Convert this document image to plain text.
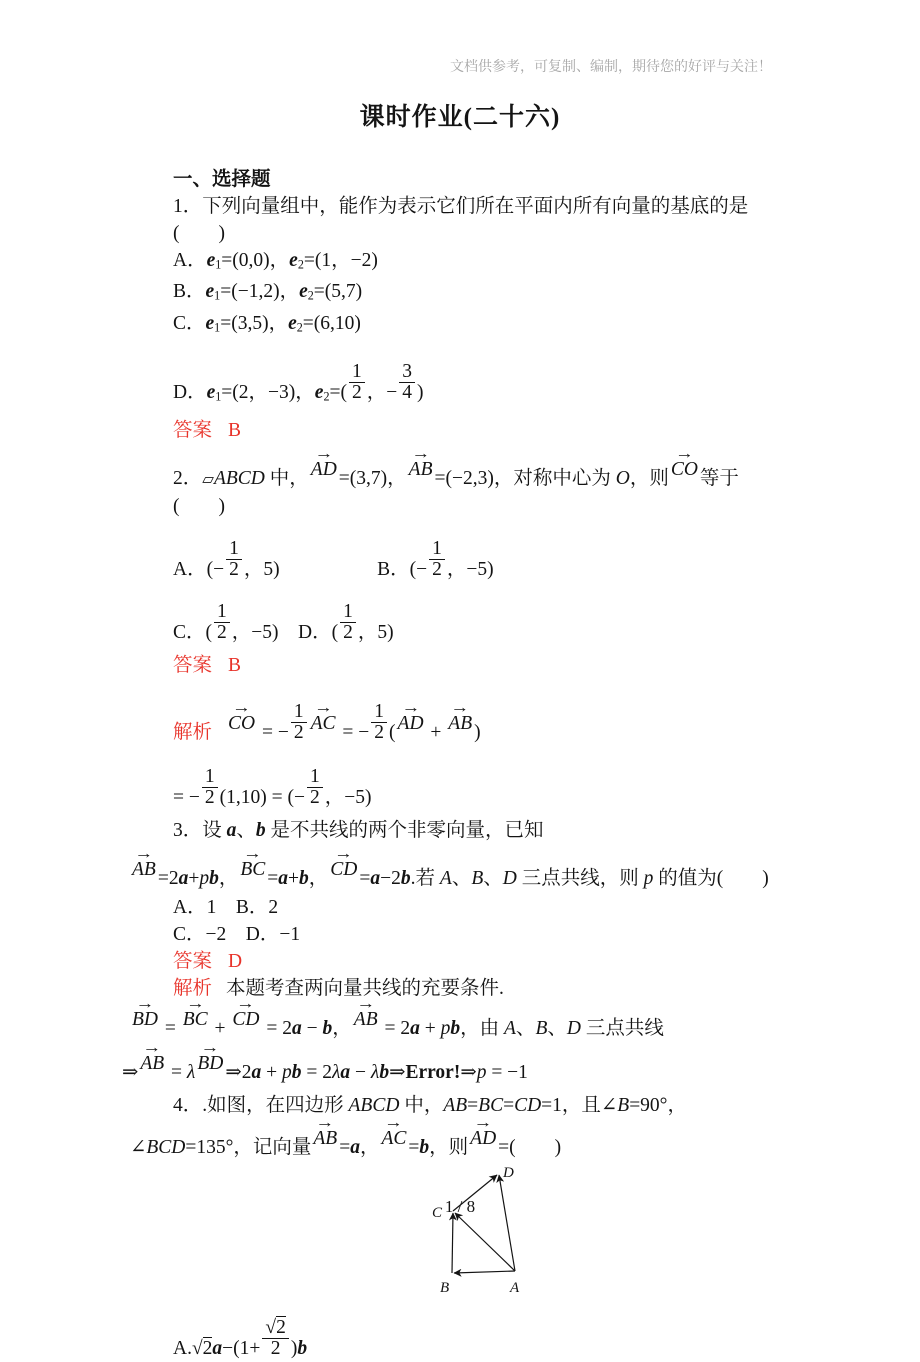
文档供参考，可复制、编制，期待您的好评与关注！

课时作业(二十六)

一、选择题

1．下列向量组中，能作为表示它们所在平面内所有向量的基底的是(　　)

A．e1=(0,0)，e2=(1，−2)

B．e1=(−1,2)，e2=(5,7)

C．e1=(3,5)，e2=(6,10)

D．e1=(2，−3)，$e2=( \frac{1}{2}$ ，− $\frac{3}{4}$ )

答案 B

2．▱ABCD 中，
→
AD =(3,7)，
→
AB =(−2,3)，对称中心为 O，则
→
CO 等于(　　)

A．(− $\frac{1}{2}$ ，5)　　　　　	B．(− $\frac{1}{2}$ ，−5)

C．( $\frac{1}{2}$ ，−5)　D．( $\frac{1}{2}$ ，5)

答案 B

解析
→
CO = − $\frac{1}{2}$ →
AC = − $\frac{1}{2}$ (
→
AD +
→
AB )

= − $\frac{1}{2} (1,10)$ = (− $\frac{1}{2}$ ，−5)

3．设 a、b 是不共线的两个非零向量，已知

→
AB =2a+pb，
→
BC =a+b，
→
CD =a−2b.若 A、B、D 三点共线，则 p 的值为(　　)

A．1　B．2

C．−2　D．−1

答案 D

解析 本题考查两向量共线的充要条件.

→
BD =
→
BC +
→
CD = 2a − b，
→
AB = 2a + pb，由 A、B、D 三点共线

⇒
→
AB = λ
→
BD ⇒2a + pb = 2λa − λb⇒Error!⇒p = −1

4．.如图，在四边形 ABCD 中，AB=BC=CD=1，且∠B=90°，

∠BCD=135°，记向量
→
AB =a，
→
AC =b，则
→
AD =(　　)

A
B
C
D

$A.√2a-(1+ \frac{√2}{2} )b$

1 / 8
